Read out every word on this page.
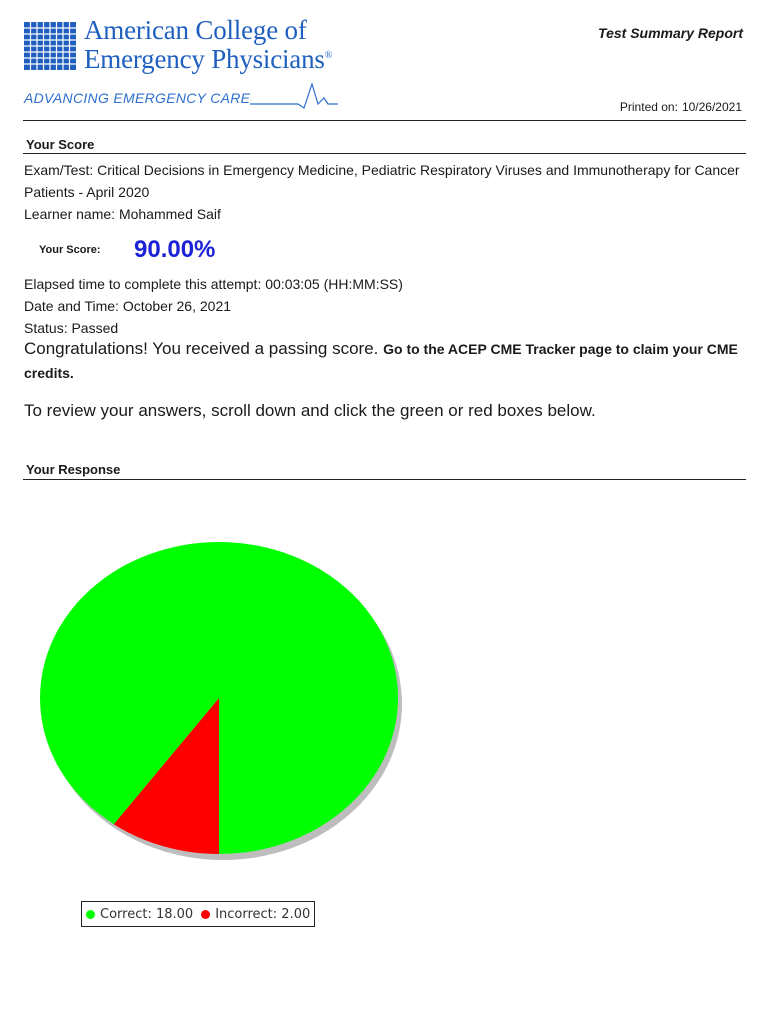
American College of
Emergency Physicians®
ADVANCING EMERGENCY CARE
Test Summary Report
Printed on: 10/26/2021
Your Score
Exam/Test: Critical Decisions in Emergency Medicine, Pediatric Respiratory Viruses and Immunotherapy for Cancer Patients - April 2020
Learner name: Mohammed Saif
Your Score: 90.00%
Elapsed time to complete this attempt: 00:03:05 (HH:MM:SS)
Date and Time: October 26, 2021
Status: Passed
Congratulations! You received a passing score. Go to the ACEP CME Tracker page to claim your CME credits.
To review your answers, scroll down and click the green or red boxes below.
Your Response
Correct: 18.00 Incorrect: 2.00
